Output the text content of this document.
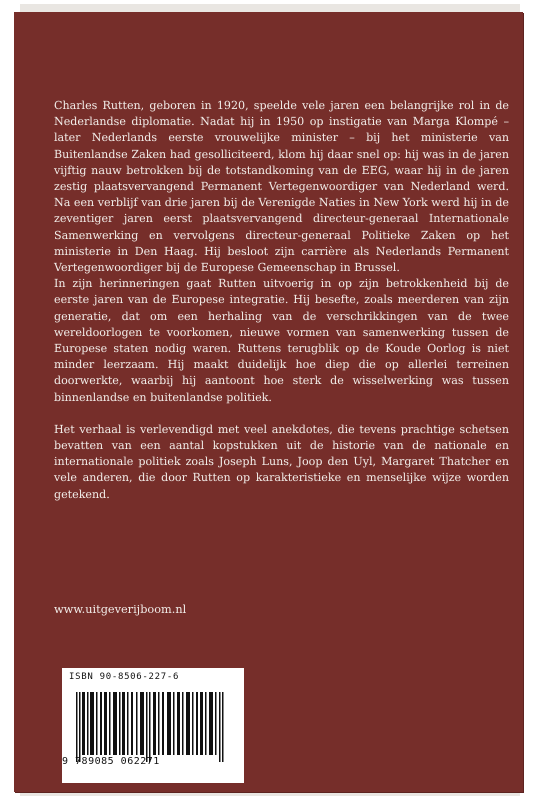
Charles Rutten, geboren in 1920, speelde vele jaren een belangrijke rol in de Nederlandse diplomatie. Nadat hij in 1950 op instigatie van Marga Klompé – later Nederlands eerste vrouwelijke minister – bij het ministerie van Buitenlandse Zaken had gesolliciteerd, klom hij daar snel op: hij was in de jaren vijftig nauw betrokken bij de totstandkoming van de EEG, waar hij in de jaren zestig plaatsvervangend Permanent Vertegenwoordiger van Nederland werd. Na een verblijf van drie jaren bij de Verenigde Naties in New York werd hij in de zeventiger jaren eerst plaatsvervangend directeur-generaal Internationale Samenwerking en vervolgens directeur-generaal Politieke Zaken op het ministerie in Den Haag. Hij besloot zijn carrière als Nederlands Permanent Vertegenwoordiger bij de Europese Gemeenschap in Brussel.

In zijn herinneringen gaat Rutten uitvoerig in op zijn betrokkenheid bij de eerste jaren van de Europese integratie. Hij besefte, zoals meerderen van zijn generatie, dat om een herhaling van de verschrikkingen van de twee wereldoorlogen te voorkomen, nieuwe vormen van samenwerking tussen de Europese staten nodig waren. Ruttens terugblik op de Koude Oorlog is niet minder leerzaam. Hij maakt duidelijk hoe diep die op allerlei terreinen doorwerkte, waarbij hij aantoont hoe sterk de wisselwerking was tussen binnenlandse en buitenlandse politiek.

Het verhaal is verlevendigd met veel anekdotes, die tevens prachtige schetsen bevatten van een aantal kopstukken uit de historie van de nationale en internationale politiek zoals Joseph Luns, Joop den Uyl, Margaret Thatcher en vele anderen, die door Rutten op karakteristieke en menselijke wijze worden getekend.

www.uitgeverijboom.nl
ISBN 90-8506-227-6
9 789085 062271
